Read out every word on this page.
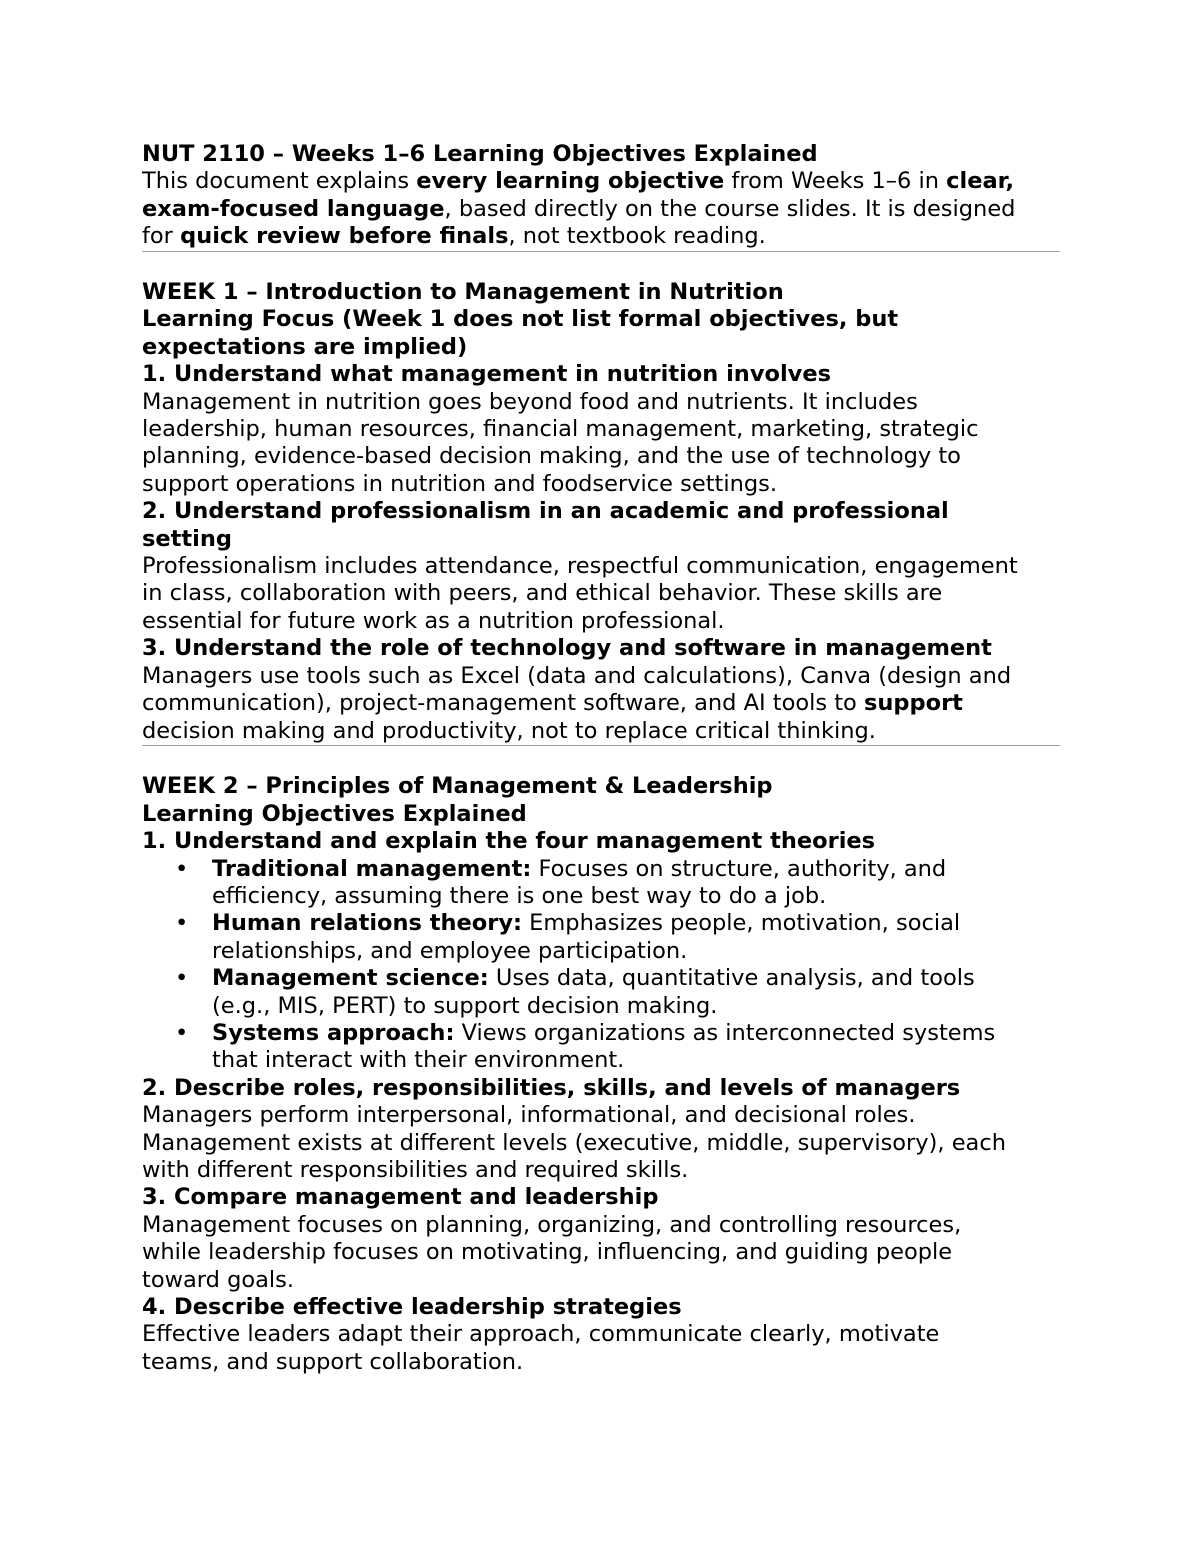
NUT 2110 – Weeks 1–6 Learning Objectives Explained
This document explains every learning objective from Weeks 1–6 in clear,
exam-focused language, based directly on the course slides. It is designed
for quick review before finals, not textbook reading.
WEEK 1 – Introduction to Management in Nutrition
Learning Focus (Week 1 does not list formal objectives, but
expectations are implied)
1. Understand what management in nutrition involves
Management in nutrition goes beyond food and nutrients. It includes
leadership, human resources, financial management, marketing, strategic
planning, evidence-based decision making, and the use of technology to
support operations in nutrition and foodservice settings.
2. Understand professionalism in an academic and professional
setting
Professionalism includes attendance, respectful communication, engagement
in class, collaboration with peers, and ethical behavior. These skills are
essential for future work as a nutrition professional.
3. Understand the role of technology and software in management
Managers use tools such as Excel (data and calculations), Canva (design and
communication), project-management software, and AI tools to support
decision making and productivity, not to replace critical thinking.
WEEK 2 – Principles of Management & Leadership
Learning Objectives Explained
1. Understand and explain the four management theories
• Traditional management: Focuses on structure, authority, and
efficiency, assuming there is one best way to do a job.
• Human relations theory: Emphasizes people, motivation, social
relationships, and employee participation.
• Management science: Uses data, quantitative analysis, and tools
(e.g., MIS, PERT) to support decision making.
• Systems approach: Views organizations as interconnected systems
that interact with their environment.
2. Describe roles, responsibilities, skills, and levels of managers
Managers perform interpersonal, informational, and decisional roles.
Management exists at different levels (executive, middle, supervisory), each
with different responsibilities and required skills.
3. Compare management and leadership
Management focuses on planning, organizing, and controlling resources,
while leadership focuses on motivating, influencing, and guiding people
toward goals.
4. Describe effective leadership strategies
Effective leaders adapt their approach, communicate clearly, motivate
teams, and support collaboration.
